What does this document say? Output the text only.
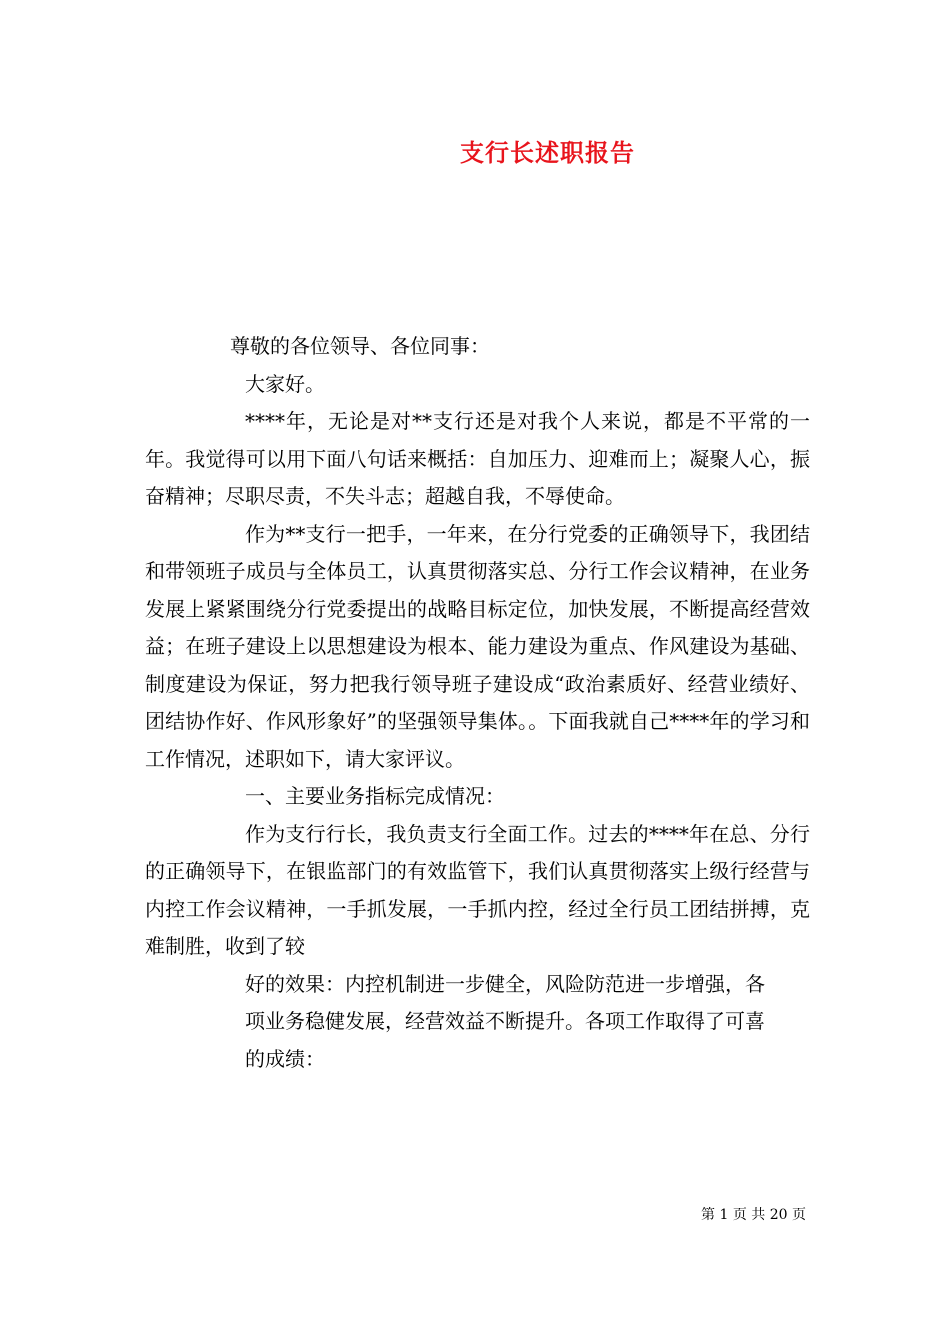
支行长述职报告

尊敬的各位领导、各位同事：

大家好。

****年，无论是对**支行还是对我个人来说，都是不平常的一年。我觉得可以用下面八句话来概括：自加压力、迎难而上；凝聚人心，振奋精神；尽职尽责，不失斗志；超越自我，不辱使命。

作为**支行一把手，一年来，在分行党委的正确领导下，我团结和带领班子成员与全体员工，认真贯彻落实总、分行工作会议精神，在业务发展上紧紧围绕分行党委提出的战略目标定位，加快发展，不断提高经营效益；在班子建设上以思想建设为根本、能力建设为重点、作风建设为基础、制度建设为保证，努力把我行领导班子建设成“政治素质好、经营业绩好、团结协作好、作风形象好”的坚强领导集体。。下面我就自己****年的学习和工作情况，述职如下，请大家评议。

一、主要业务指标完成情况：

作为支行行长，我负责支行全面工作。过去的****年在总、分行的正确领导下，在银监部门的有效监管下，我们认真贯彻落实上级行经营与内控工作会议精神，一手抓发展，一手抓内控，经过全行员工团结拼搏，克难制胜，收到了较

好的效果：内控机制进一步健全，风险防范进一步增强，各

项业务稳健发展，经营效益不断提升。各项工作取得了可喜

的成绩：

第 1 页 共 20 页
